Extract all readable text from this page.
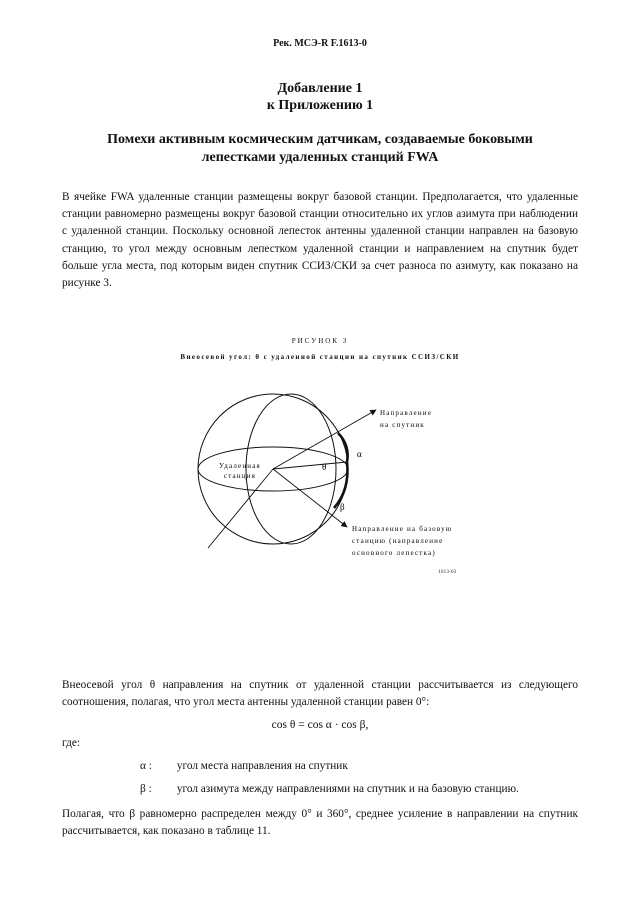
Рек. МСЭ-R F.1613-0
Добавление 1
к Приложению 1
Помехи активным космическим датчикам, создаваемые боковыми
лепестками удаленных станций FWA

В ячейке FWA удаленные станции размещены вокруг базовой станции. Предполагается, что удаленные станции равномерно размещены вокруг базовой станции относительно их углов азимута при наблюдении с удаленной станции. Поскольку основной лепесток антенны удаленной станции направлен на базовую станцию, то угол между основным лепестком удаленной станции и направлением на спутник будет больше угла места, под которым виден спутник ССИЗ/СКИ за счет разноса по азимуту, как показано на рисунке 3.

РИСУНОК 3
Внеосевой угол: θ с удаленной станции на спутник ССИЗ/СКИ
Удаленная
станция
θ
α
β
Направление
на спутник
Направление на базовую
станцию (направление
основного лепестка)
1613-03

Внеосевой угол θ направления на спутник от удаленной станции рассчитывается из следующего соотношения, полагая, что угол места антенны удаленной станции равен 0°:

cos θ = cos α · cos β,
где:
α : угол места направления на спутник
β : угол азимута между направлениями на спутник и на базовую станцию.

Полагая, что β равномерно распределен между 0° и 360°, среднее усиление в направлении на спутник рассчитывается, как показано в таблице 11.
